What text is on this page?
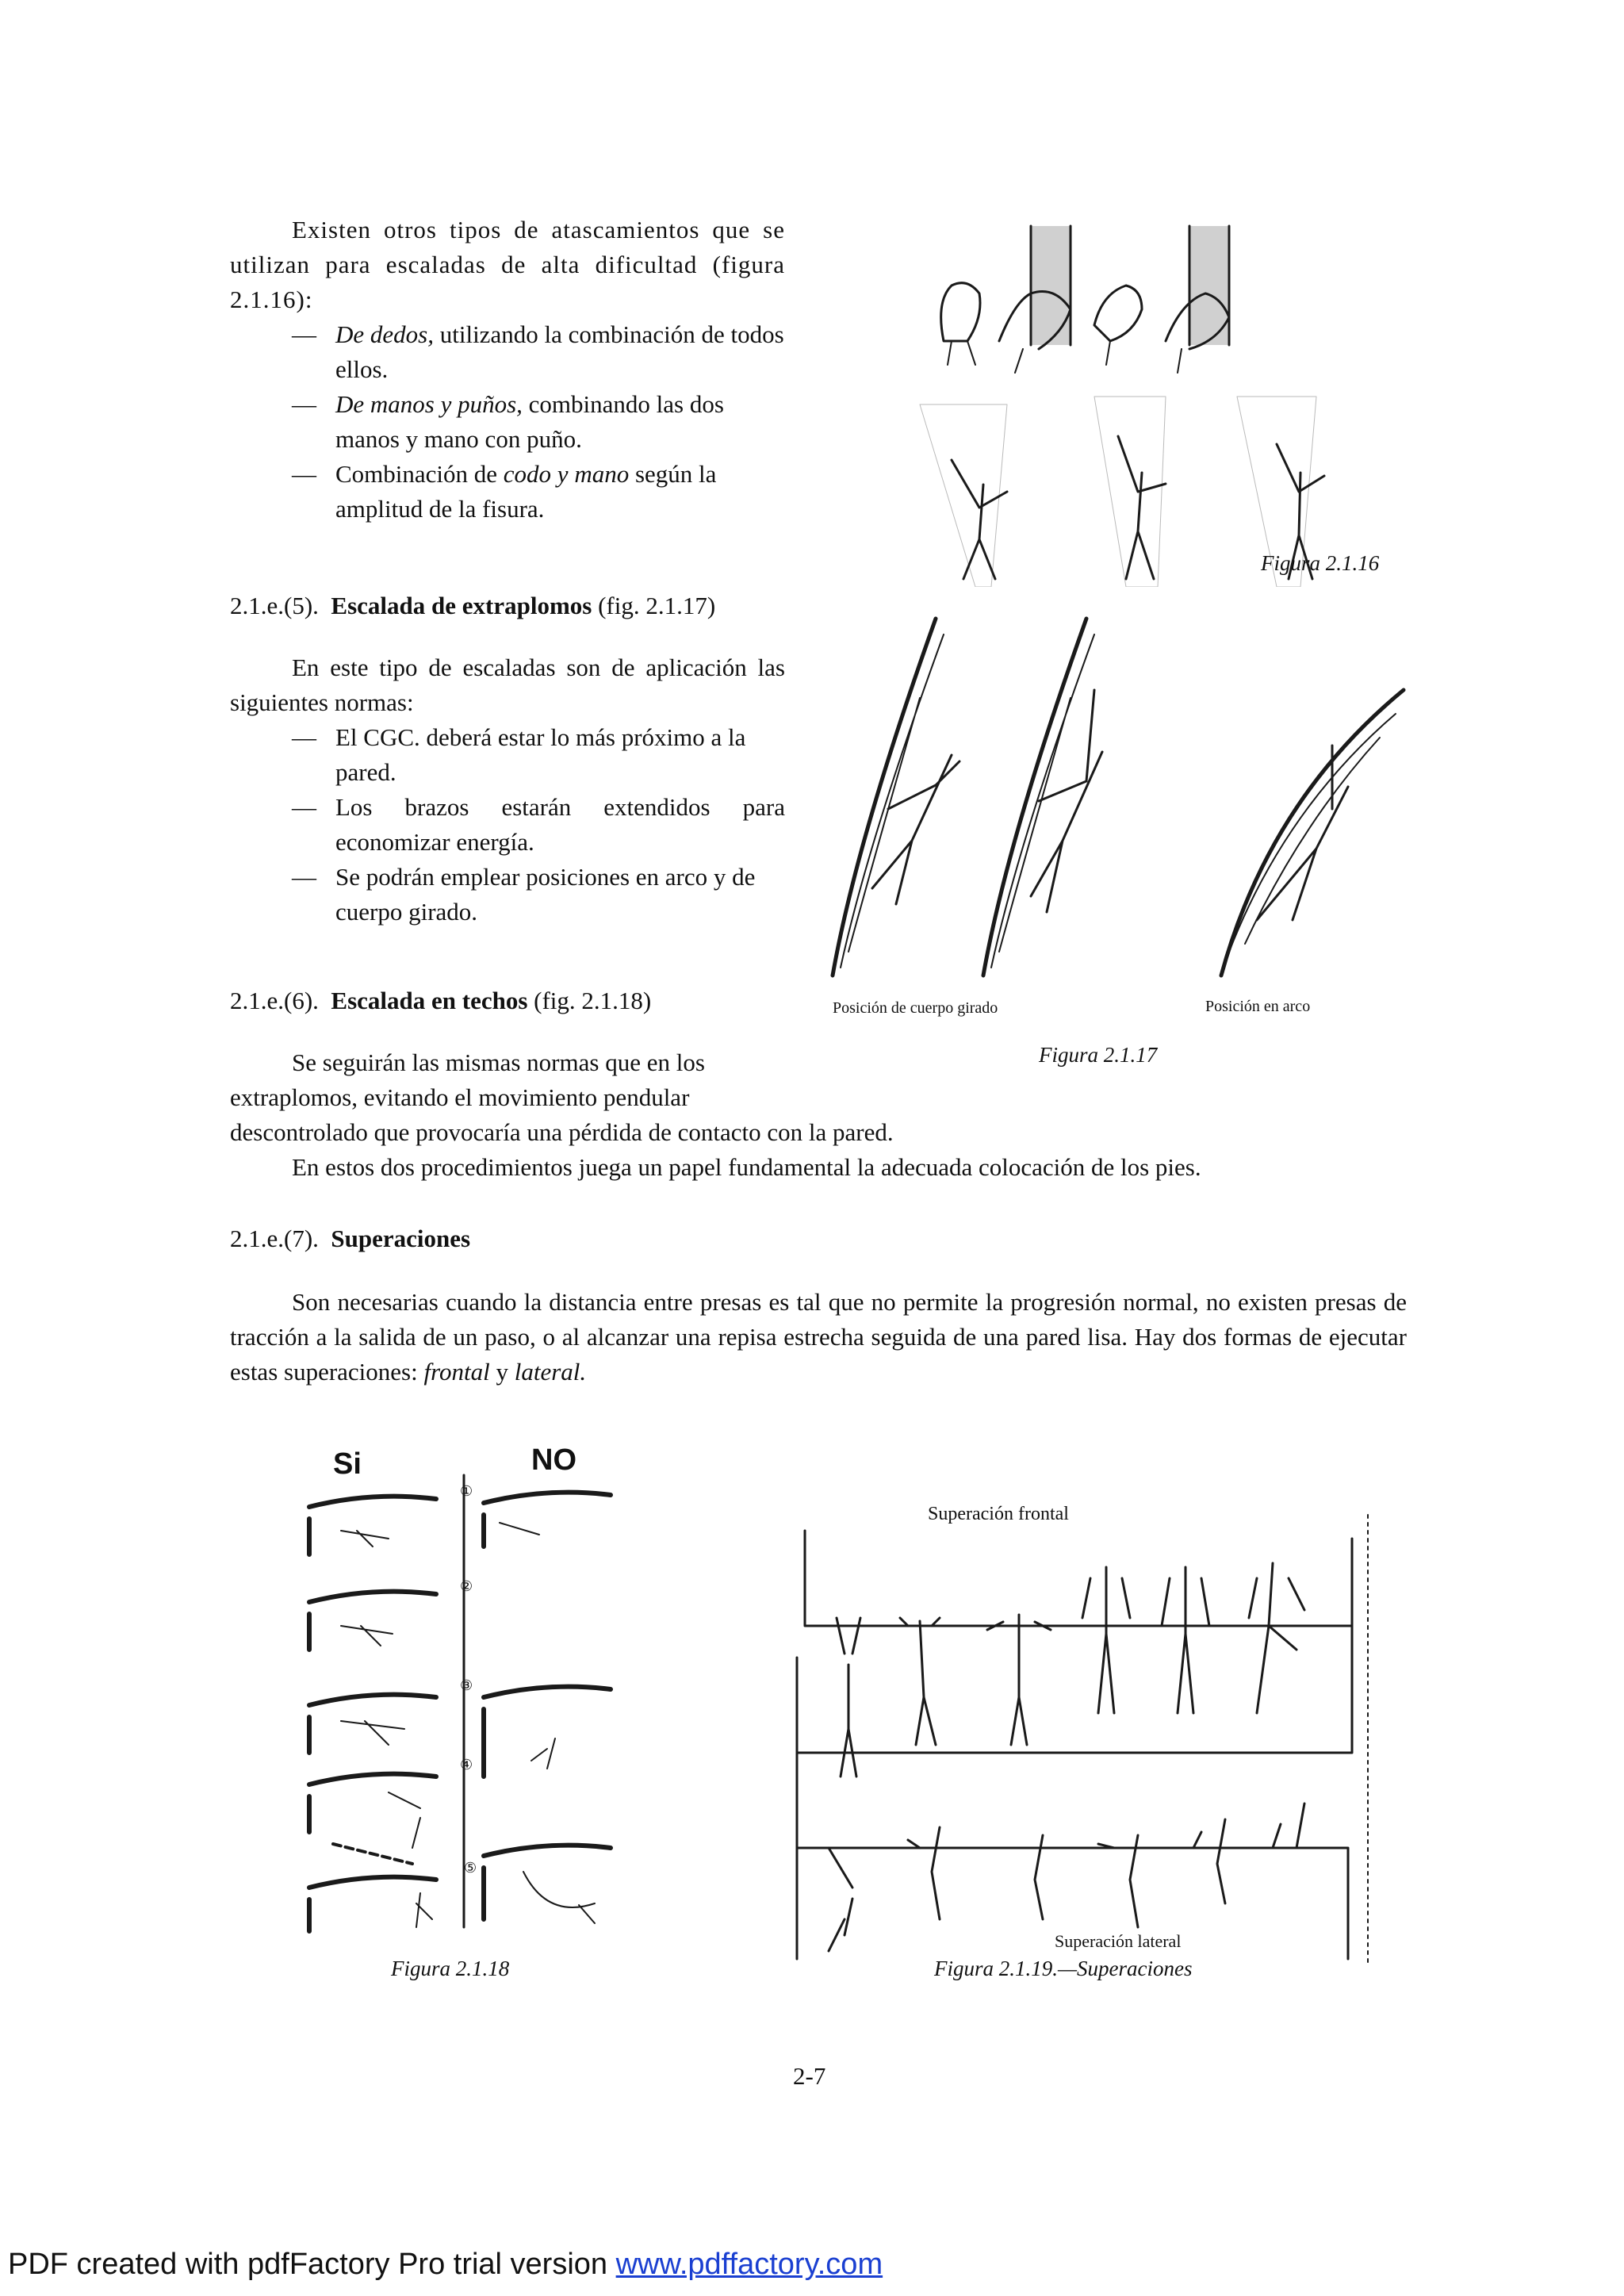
Existen otros tipos de atascamientos que se utilizan para escaladas de alta dificultad (figura 2.1.16):

— De dedos, utilizando la combinación de todos ellos.
— De manos y puños, combinando las dos manos y mano con puño.
— Combinación de codo y mano según la amplitud de la fisura.
2.1.e.(5). Escalada de extraplomos (fig. 2.1.17)

En este tipo de escaladas son de aplicación las siguientes normas:

— El CGC. deberá estar lo más próximo a la pared.
— Los brazos estarán extendidos para economizar energía.
— Se podrán emplear posiciones en arco y de cuerpo girado.
2.1.e.(6). Escalada en techos (fig. 2.1.18)
Se seguirán las mismas normas que en los
extraplomos, evitando el movimiento pendular
descontrolado que provocaría una pérdida de contacto con la pared.
En estos dos procedimientos juega un papel fundamental la adecuada colocación de los pies.
2.1.e.(7). Superaciones

Son necesarias cuando la distancia entre presas es tal que no permite la progresión normal, no existen presas de tracción a la salida de un paso, o al alcanzar una repisa estrecha seguida de una pared lisa. Hay dos formas de ejecutar estas superaciones: frontal y lateral.

Figura 2.1.16
Posición de cuerpo girado	Posición en arco
Figura 2.1.17
Si	NO
①
②
③
④
⑤
Figura 2.1.18
Superación frontal
Superación lateral
Figura 2.1.19.—Superaciones
2-7
PDF created with pdfFactory Pro trial version www.pdffactory.com
